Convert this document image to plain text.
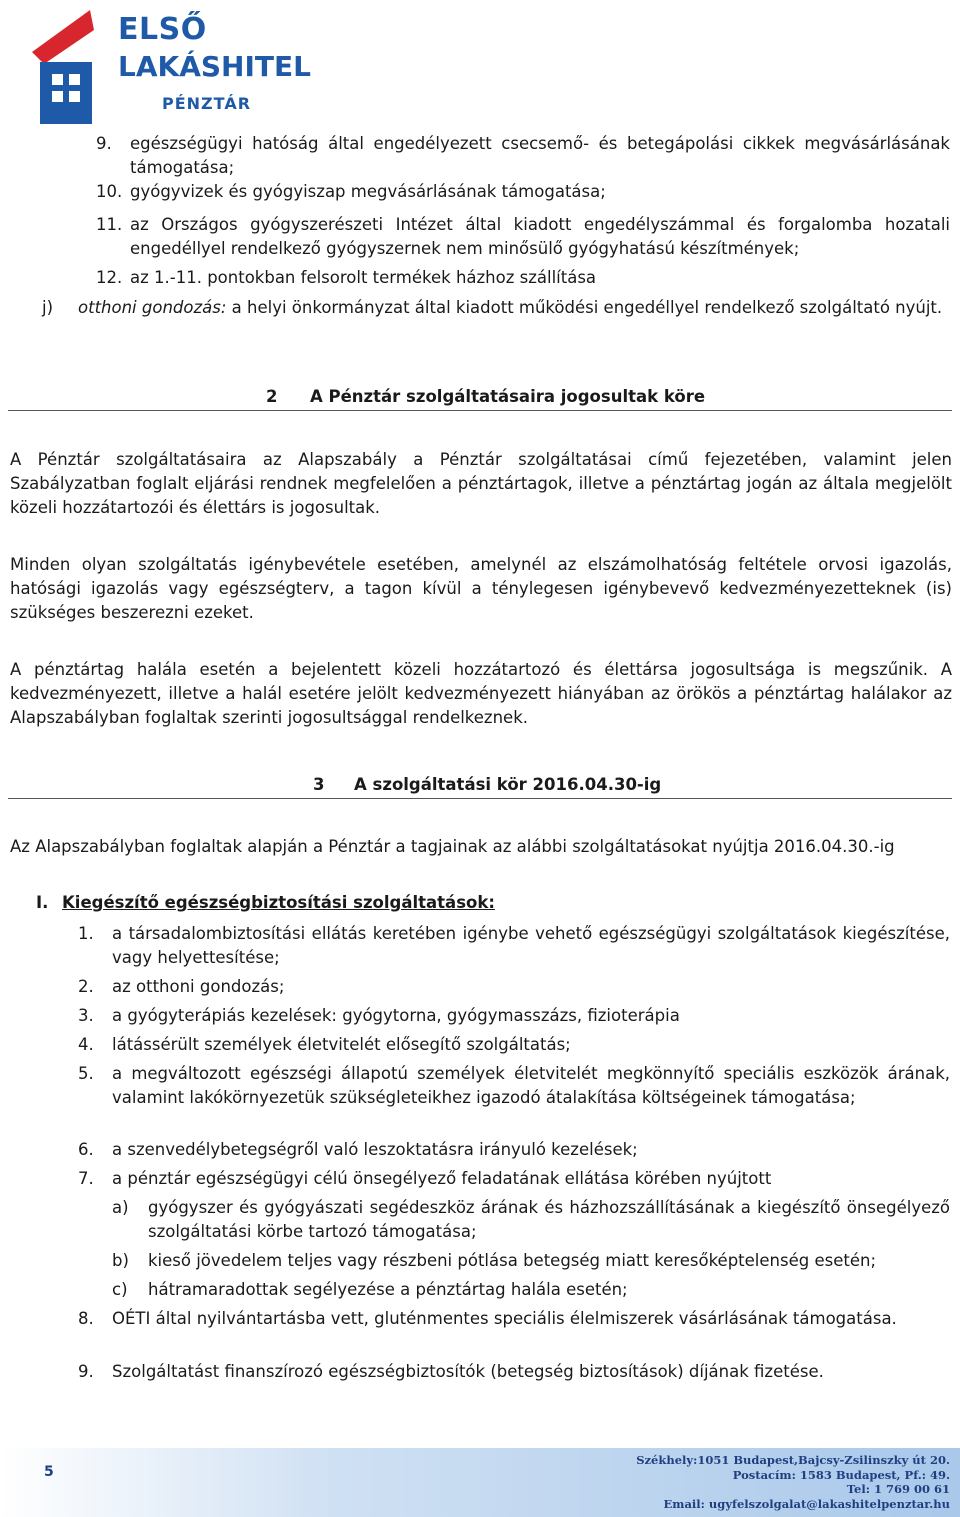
ELSŐ
LAKÁSHITEL
PÉNZTÁR
9. egészségügyi hatóság által engedélyezett csecsemő- és betegápolási cikkek megvásárlásának támogatása;
10. gyógyvizek és gyógyiszap megvásárlásának támogatása;
11. az Országos gyógyszerészeti Intézet által kiadott engedélyszámmal és forgalomba hozatali engedéllyel rendelkező gyógyszernek nem minősülő gyógyhatású készítmények;
12. az 1.-11. pontokban felsorolt termékek házhoz szállítása
j) otthoni gondozás: a helyi önkormányzat által kiadott működési engedéllyel rendelkező szolgáltató nyújt.
2 A Pénztár szolgáltatásaira jogosultak köre
A Pénztár szolgáltatásaira az Alapszabály a Pénztár szolgáltatásai című fejezetében, valamint jelen Szabályzatban foglalt eljárási rendnek megfelelően a pénztártagok, illetve a pénztártag jogán az általa megjelölt közeli hozzátartozói és élettárs is jogosultak.
Minden olyan szolgáltatás igénybevétele esetében, amelynél az elszámolhatóság feltétele orvosi igazolás, hatósági igazolás vagy egészségterv, a tagon kívül a ténylegesen igénybevevő kedvezményezetteknek (is) szükséges beszerezni ezeket.
A pénztártag halála esetén a bejelentett közeli hozzátartozó és élettársa jogosultsága is megszűnik. A kedvezményezett, illetve a halál esetére jelölt kedvezményezett hiányában az örökös a pénztártag halálakor az Alapszabályban foglaltak szerinti jogosultsággal rendelkeznek.
3 A szolgáltatási kör 2016.04.30-ig
Az Alapszabályban foglaltak alapján a Pénztár a tagjainak az alábbi szolgáltatásokat nyújtja 2016.04.30.-ig
I. Kiegészítő egészségbiztosítási szolgáltatások:
1. a társadalombiztosítási ellátás keretében igénybe vehető egészségügyi szolgáltatások kiegészítése, vagy helyettesítése;
2. az otthoni gondozás;
3. a gyógyterápiás kezelések: gyógytorna, gyógymasszázs, fizioterápia
4. látássérült személyek életvitelét elősegítő szolgáltatás;
5. a megváltozott egészségi állapotú személyek életvitelét megkönnyítő speciális eszközök árának, valamint lakókörnyezetük szükségleteikhez igazodó átalakítása költségeinek támogatása;
6. a szenvedélybetegségről való leszoktatásra irányuló kezelések;
7. a pénztár egészségügyi célú önsegélyező feladatának ellátása körében nyújtott
a) gyógyszer és gyógyászati segédeszköz árának és házhozszállításának a kiegészítő önsegélyező szolgáltatási körbe tartozó támogatása;
b) kieső jövedelem teljes vagy részbeni pótlása betegség miatt keresőképtelenség esetén;
c) hátramaradottak segélyezése a pénztártag halála esetén;
8. OÉTI által nyilvántartásba vett, gluténmentes speciális élelmiszerek vásárlásának támogatása.
9. Szolgáltatást finanszírozó egészségbiztosítók (betegség biztosítások) díjának fizetése.
5
Székhely:1051 Budapest,Bajcsy-Zsilinszky út 20.
Postacím: 1583 Budapest, Pf.: 49.
Tel: 1 769 00 61
Email: ugyfelszolgalat@lakashitelpenztar.hu
